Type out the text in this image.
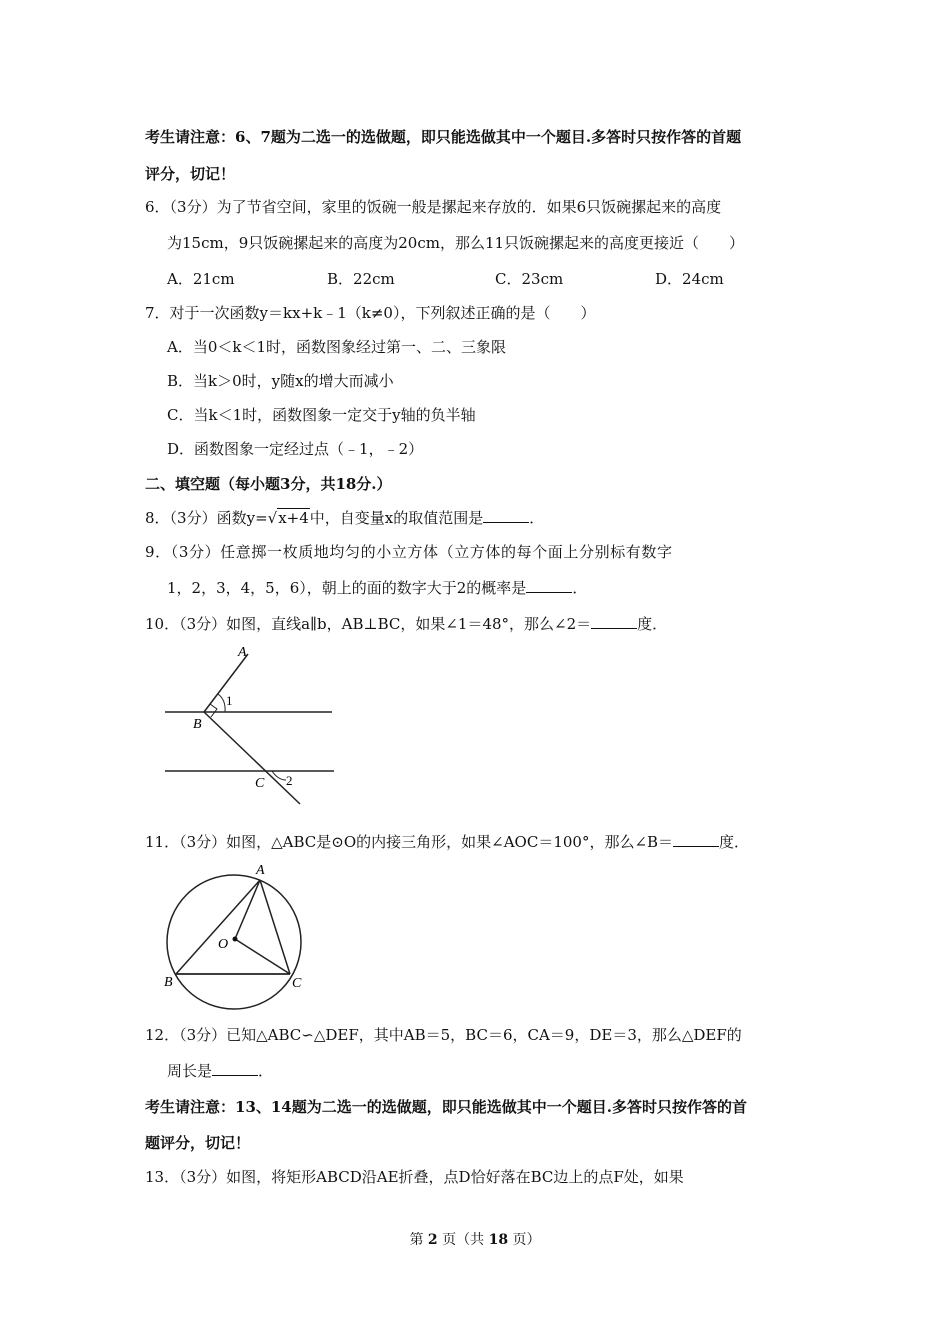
考生请注意：6、7题为二选一的选做题，即只能选做其中一个题目.多答时只按作答的首题
评分，切记！
6．（3分）为了节省空间，家里的饭碗一般是摞起来存放的．如果6只饭碗摞起来的高度
为15cm，9只饭碗摞起来的高度为20cm，那么11只饭碗摞起来的高度更接近（　　）
A．21cm	B．22cm	C．23cm	D．24cm
7．对于一次函数y＝kx+k﹣1（k≠0），下列叙述正确的是（　　）
A．当0＜k＜1时，函数图象经过第一、二、三象限
B．当k＞0时，y随x的增大而减小
C．当k＜1时，函数图象一定交于y轴的负半轴
D．函数图象一定经过点（﹣1，﹣2）
二、填空题（每小题3分，共18分.）
8．（3分）函数y=√x+4中，自变量x的取值范围是	．
9．（3分）任意掷一枚质地均匀的小立方体（立方体的每个面上分别标有数字
1，2，3，4，5，6），朝上的面的数字大于2的概率是	．
10．（3分）如图，直线a∥b，AB⊥BC，如果∠1＝48°，那么∠2＝	度．
A
1
B
C 2
11．（3分）如图，△ABC是⊙O的内接三角形，如果∠AOC＝100°，那么∠B＝	度．
A
O
B	C
12．（3分）已知△ABC∽△DEF，其中AB＝5，BC＝6，CA＝9，DE＝3，那么△DEF的
周长是	．
考生请注意：13、14题为二选一的选做题，即只能选做其中一个题目.多答时只按作答的首
题评分，切记！
13．（3分）如图，将矩形ABCD沿AE折叠，点D恰好落在BC边上的点F处，如果
第 2 页（共 18 页）
